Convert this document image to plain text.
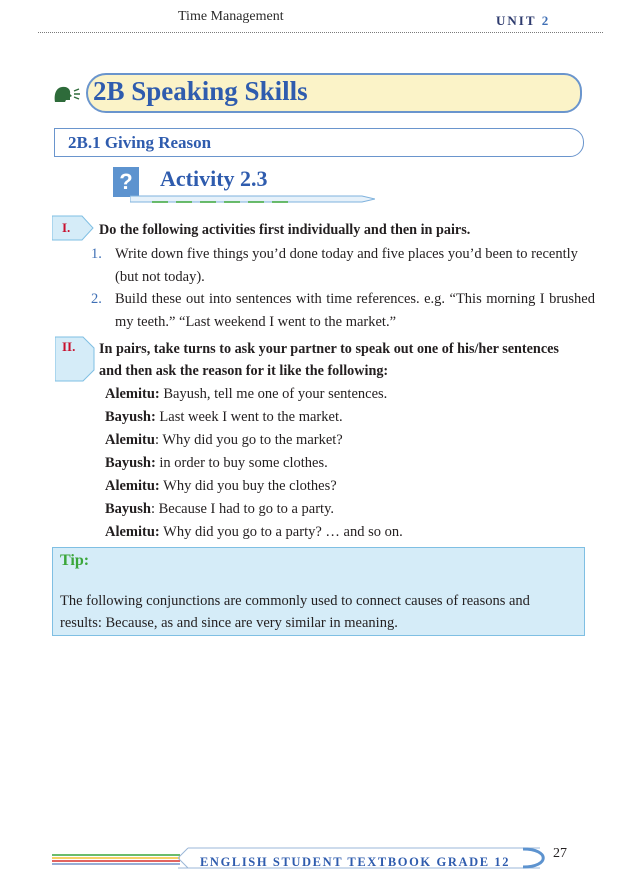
Time Management	UNIT 2
2B Speaking Skills
2B.1 Giving Reason
? Activity 2.3
I. Do the following activities first individually and then in pairs.
1. Write down five things you’d done today and five places you’d been to recently (but not today).
2. Build these out into sentences with time references. e.g. “This morning I brushed my teeth.” “Last weekend I went to the market.”
II. In pairs, take turns to ask your partner to speak out one of his/her sentences and then ask the reason for it like the following:
Alemitu: Bayush, tell me one of your sentences.
Bayush: Last week I went to the market.
Alemitu: Why did you go to the market?
Bayush: in order to buy some clothes.
Alemitu: Why did you buy the clothes?
Bayush: Because I had to go to a party.
Alemitu: Why did you go to a party? … and so on.
Tip:
The following conjunctions are commonly used to connect causes of reasons and results: Because, as and since are very similar in meaning.
ENGLISH STUDENT TEXTBOOK GRADE 12
27
